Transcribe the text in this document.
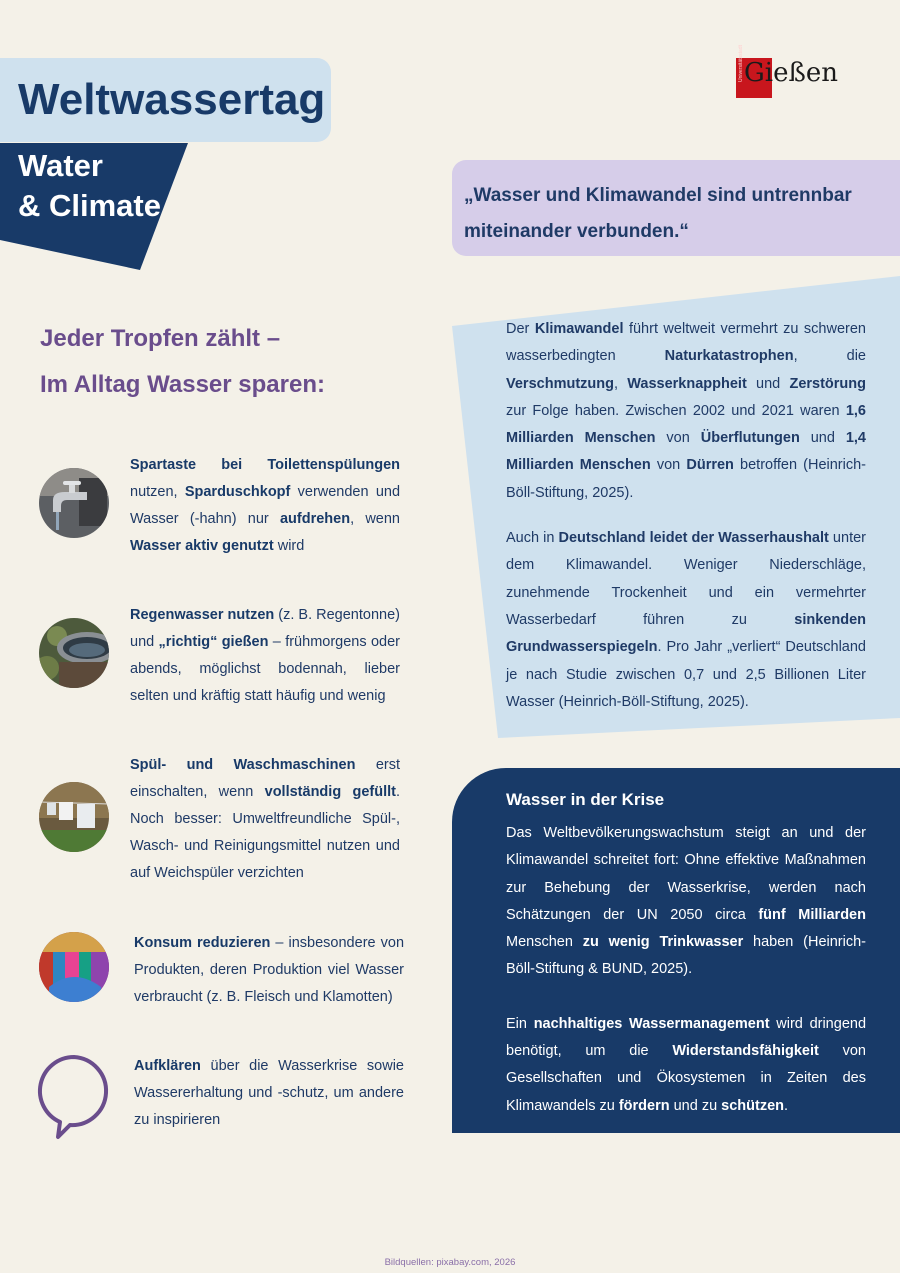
Weltwassertag
Water
& Climate
Universitätsstadt Gießen
„Wasser und Klimawandel sind untrennbar miteinander verbunden.“
Jeder Tropfen zählt –
Im Alltag Wasser sparen:
Spartaste bei Toilettenspülungen nutzen, Sparduschkopf verwenden und Wasser (-hahn) nur aufdrehen, wenn Wasser aktiv genutzt wird
Regenwasser nutzen (z. B. Regentonne) und „richtig“ gießen – frühmorgens oder abends, möglichst bodennah, lieber selten und kräftig statt häufig und wenig
Spül- und Waschmaschinen erst einschalten, wenn vollständig gefüllt. Noch besser: Umweltfreundliche Spül-, Wasch- und Reinigungsmittel nutzen und auf Weichspüler verzichten
Konsum reduzieren – insbesondere von Produkten, deren Produktion viel Wasser verbraucht (z. B. Fleisch und Klamotten)
Aufklären über die Wasserkrise sowie Wassererhaltung und -schutz, um andere zu inspirieren

Der Klimawandel führt weltweit vermehrt zu schweren wasserbedingten Naturkatastrophen, die Verschmutzung, Wasserknappheit und Zerstörung zur Folge haben. Zwischen 2002 und 2021 waren 1,6 Milliarden Menschen von Überflutungen und 1,4 Milliarden Menschen von Dürren betroffen (Heinrich-Böll-Stiftung, 2025).

Auch in Deutschland leidet der Wasserhaushalt unter dem Klimawandel. Weniger Niederschläge, zunehmende Trockenheit und ein vermehrter Wasserbedarf führen zu sinkenden Grundwasserspiegeln. Pro Jahr „verliert“ Deutschland je nach Studie zwischen 0,7 und 2,5 Billionen Liter Wasser (Heinrich-Böll-Stiftung, 2025).

Wasser in der Krise

Das Weltbevölkerungswachstum steigt an und der Klimawandel schreitet fort: Ohne effektive Maßnahmen zur Behebung der Wasserkrise, werden nach Schätzungen der UN 2050 circa fünf Milliarden Menschen zu wenig Trinkwasser haben (Heinrich-Böll-Stiftung & BUND, 2025).

Ein nachhaltiges Wassermanagement wird dringend benötigt, um die Widerstandsfähigkeit von Gesellschaften und Ökosystemen in Zeiten des Klimawandels zu fördern und zu schützen.

Bildquellen: pixabay.com, 2026
